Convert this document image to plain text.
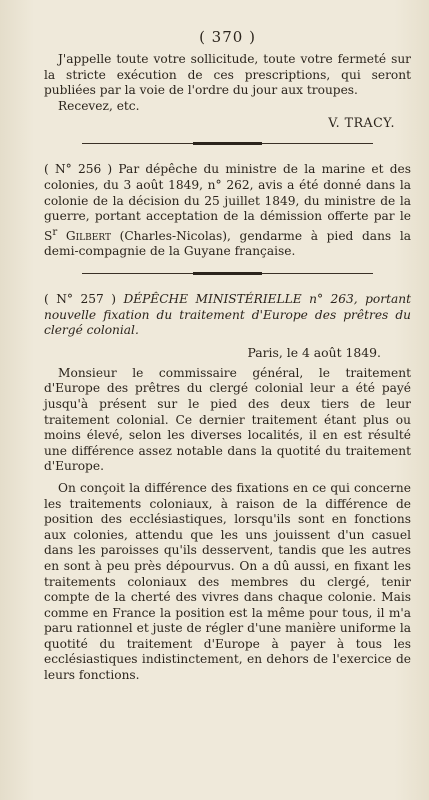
( 370 )

J'appelle toute votre sollicitude, toute votre fermeté sur la stricte exécution de ces prescriptions, qui seront publiées par la voie de l'ordre du jour aux troupes.

Recevez, etc.

V. TRACY.

( N° 256 ) Par dépêche du ministre de la marine et des colonies, du 3 août 1849, n° 262, avis a été donné dans la colonie de la décision du 25 juillet 1849, du ministre de la guerre, portant acceptation de la démission offerte par le $S^r$ Gilbert (Charles-Nicolas), gendarme à pied dans la demi-compagnie de la Guyane française.

( N° 257 ) DÉPÊCHE MINISTÉRIELLE n° 263, portant nouvelle fixation du traitement d'Europe des prêtres du clergé colonial.

Paris, le 4 août 1849.

Monsieur le commissaire général, le traitement d'Europe des prêtres du clergé colonial leur a été payé jusqu'à présent sur le pied des deux tiers de leur traitement colonial. Ce dernier traitement étant plus ou moins élevé, selon les diverses localités, il en est résulté une différence assez notable dans la quotité du traitement d'Europe.

On conçoit la différence des fixations en ce qui concerne les traitements coloniaux, à raison de la différence de position des ecclésiastiques, lorsqu'ils sont en fonctions aux colonies, attendu que les uns jouissent d'un casuel dans les paroisses qu'ils desservent, tandis que les autres en sont à peu près dépourvus. On a dû aussi, en fixant les traitements coloniaux des membres du clergé, tenir compte de la cherté des vivres dans chaque colonie. Mais comme en France la position est la même pour tous, il m'a paru rationnel et juste de régler d'une manière uniforme la quotité du traitement d'Europe à payer à tous les ecclésiastiques indistinctement, en dehors de l'exercice de leurs fonctions.
